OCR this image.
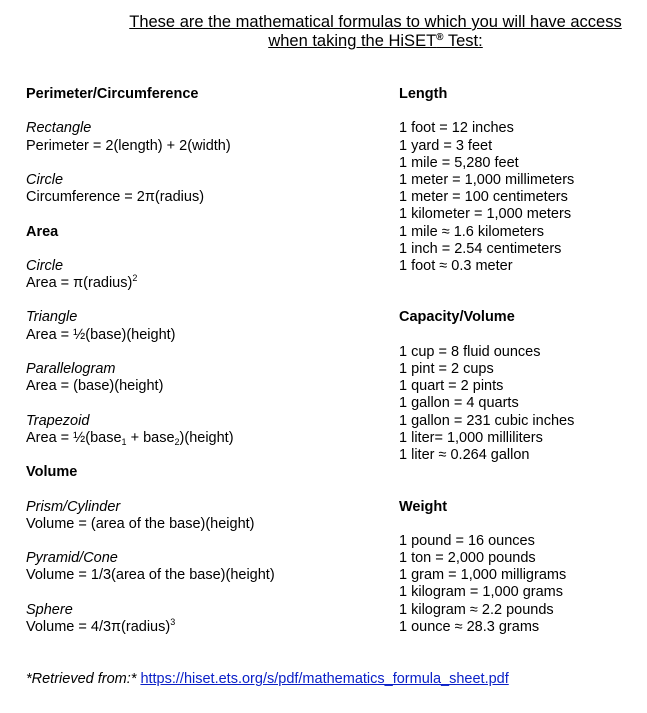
These are the mathematical formulas to which you will have access
when taking the HiSET® Test:
Perimeter/Circumference
Rectangle
Perimeter = 2(length) + 2(width)
Circle
Circumference = 2π(radius)
Area
Circle
Area = π(radius)$^2$
Triangle
Area = ½(base)(height)
Parallelogram
Area = (base)(height)
Trapezoid
Area = ½(base$_1$ + base$_2$)(height)
Volume
Prism/Cylinder
Volume = (area of the base)(height)
Pyramid/Cone
Volume = 1/3(area of the base)(height)
Sphere
Volume = 4/3π(radius)$^3$
Length
1 foot = 12 inches
1 yard = 3 feet
1 mile = 5,280 feet
1 meter = 1,000 millimeters
1 meter = 100 centimeters
1 kilometer = 1,000 meters
1 mile ≈ 1.6 kilometers
1 inch = 2.54 centimeters
1 foot ≈ 0.3 meter
Capacity/Volume
1 cup = 8 fluid ounces
1 pint = 2 cups
1 quart = 2 pints
1 gallon = 4 quarts
1 gallon = 231 cubic inches
1 liter= 1,000 milliliters
1 liter ≈ 0.264 gallon
Weight
1 pound = 16 ounces
1 ton = 2,000 pounds
1 gram = 1,000 milligrams
1 kilogram = 1,000 grams
1 kilogram ≈ 2.2 pounds
1 ounce ≈ 28.3 grams
*Retrieved from:* https://hiset.ets.org/s/pdf/mathematics_formula_sheet.pdf
